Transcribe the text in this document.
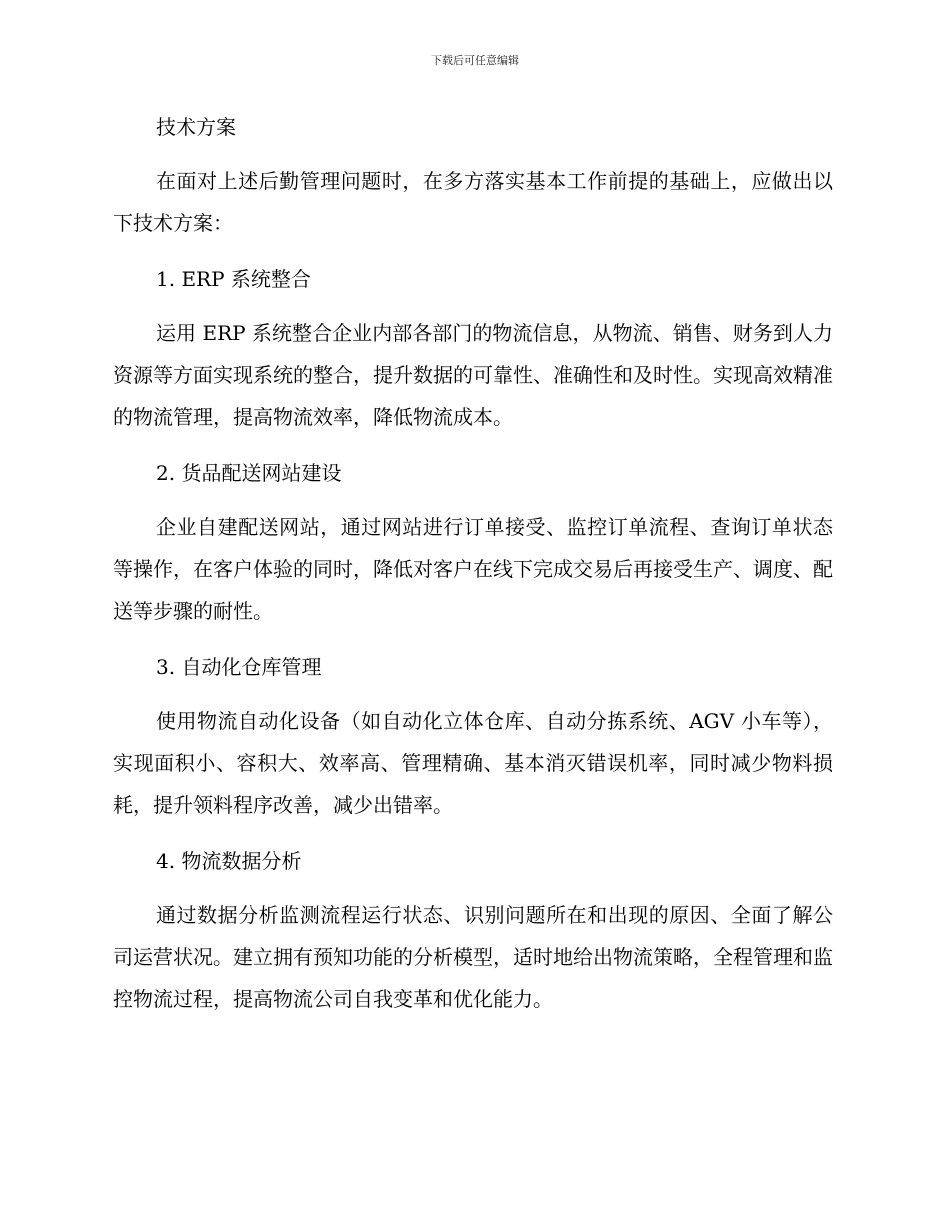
下载后可任意编辑
技术方案

在面对上述后勤管理问题时，在多方落实基本工作前提的基础上，应做出以下技术方案：

1. ERP 系统整合

运用 ERP 系统整合企业内部各部门的物流信息，从物流、销售、财务到人力资源等方面实现系统的整合，提升数据的可靠性、准确性和及时性。实现高效精准的物流管理，提高物流效率，降低物流成本。

2. 货品配送网站建设

企业自建配送网站，通过网站进行订单接受、监控订单流程、查询订单状态等操作，在客户体验的同时，降低对客户在线下完成交易后再接受生产、调度、配送等步骤的耐性。

3. 自动化仓库管理

使用物流自动化设备（如自动化立体仓库、自动分拣系统、AGV 小车等），实现面积小、容积大、效率高、管理精确、基本消灭错误机率，同时减少物料损耗，提升领料程序改善，减少出错率。

4. 物流数据分析

通过数据分析监测流程运行状态、识别问题所在和出现的原因、全面了解公司运营状况。建立拥有预知功能的分析模型，适时地给出物流策略，全程管理和监控物流过程，提高物流公司自我变革和优化能力。
